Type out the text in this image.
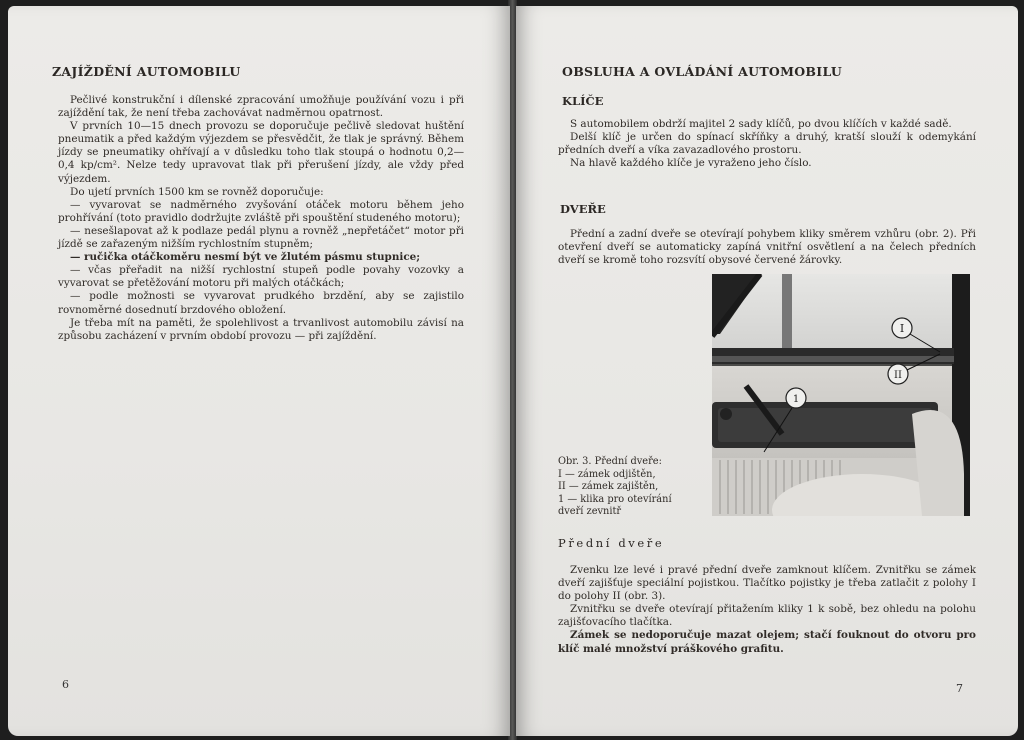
ZAJÍŽDĚNÍ AUTOMOBILU

Pečlivé konstrukční i dílenské zpracování umožňuje používání vozu i při zajíždění tak, že není třeba zachovávat nadměrnou opatrnost.

V prvních 10—15 dnech provozu se doporučuje pečlivě sledovat huštění pneumatik a před každým výjezdem se přesvědčit, že tlak je správný. Během jízdy se pneumatiky ohřívají a v důsledku toho tlak stoupá o hodnotu 0,2—0,4 kp/cm². Nelze tedy upravovat tlak při přerušení jízdy, ale vždy před výjezdem.

Do ujetí prvních 1500 km se rovněž doporučuje:

— vyvarovat se nadměrného zvyšování otáček motoru během jeho prohřívání (toto pravidlo dodržujte zvláště při spouštění studeného motoru);

— nesešlapovat až k podlaze pedál plynu a rovněž „nepřetáčet“ motor při jízdě se zařazeným nižším rychlostním stupněm;

— ručička otáčkoměru nesmí být ve žlutém pásmu stupnice;

— včas přeřadit na nižší rychlostní stupeň podle povahy vozovky a vyvarovat se přetěžování motoru při malých otáčkách;

— podle možnosti se vyvarovat prudkého brzdění, aby se zajistilo rovnoměrné dosednutí brzdového obložení.

Je třeba mít na paměti, že spolehlivost a trvanlivost automobilu závisí na způsobu zacházení v prvním období provozu — při zajíždění.

6
OBSLUHA A OVLÁDÁNÍ AUTOMOBILU
KLÍČE

S automobilem obdrží majitel 2 sady klíčů, po dvou klíčích v každé sadě.

Delší klíč je určen do spínací skříňky a druhý, kratší slouží k odemykání předních dveří a víka zavazadlového prostoru.

Na hlavě každého klíče je vyraženo jeho číslo.

DVEŘE

Přední a zadní dveře se otevírají pohybem kliky směrem vzhůru (obr. 2). Při otevření dveří se automaticky zapíná vnitřní osvětlení a na čelech předních dveří se kromě toho rozsvítí obysové červené žárovky.

I
II
1
Obr. 3. Přední dveře:
I — zámek odjištěn,
II — zámek zajištěn,
1 — klika pro otevírání
dveří zevnitř
Přední dveře

Zvenku lze levé i pravé přední dveře zamknout klíčem. Zvnitřku se zámek dveří zajišťuje speciální pojistkou. Tlačítko pojistky je třeba zatlačit z polohy I do polohy II (obr. 3).

Zvnitřku se dveře otevírají přitažením kliky 1 k sobě, bez ohledu na polohu zajišťovacího tlačítka.

Zámek se nedoporučuje mazat olejem; stačí fouknout do otvoru pro klíč malé množství práškového grafitu.

7
